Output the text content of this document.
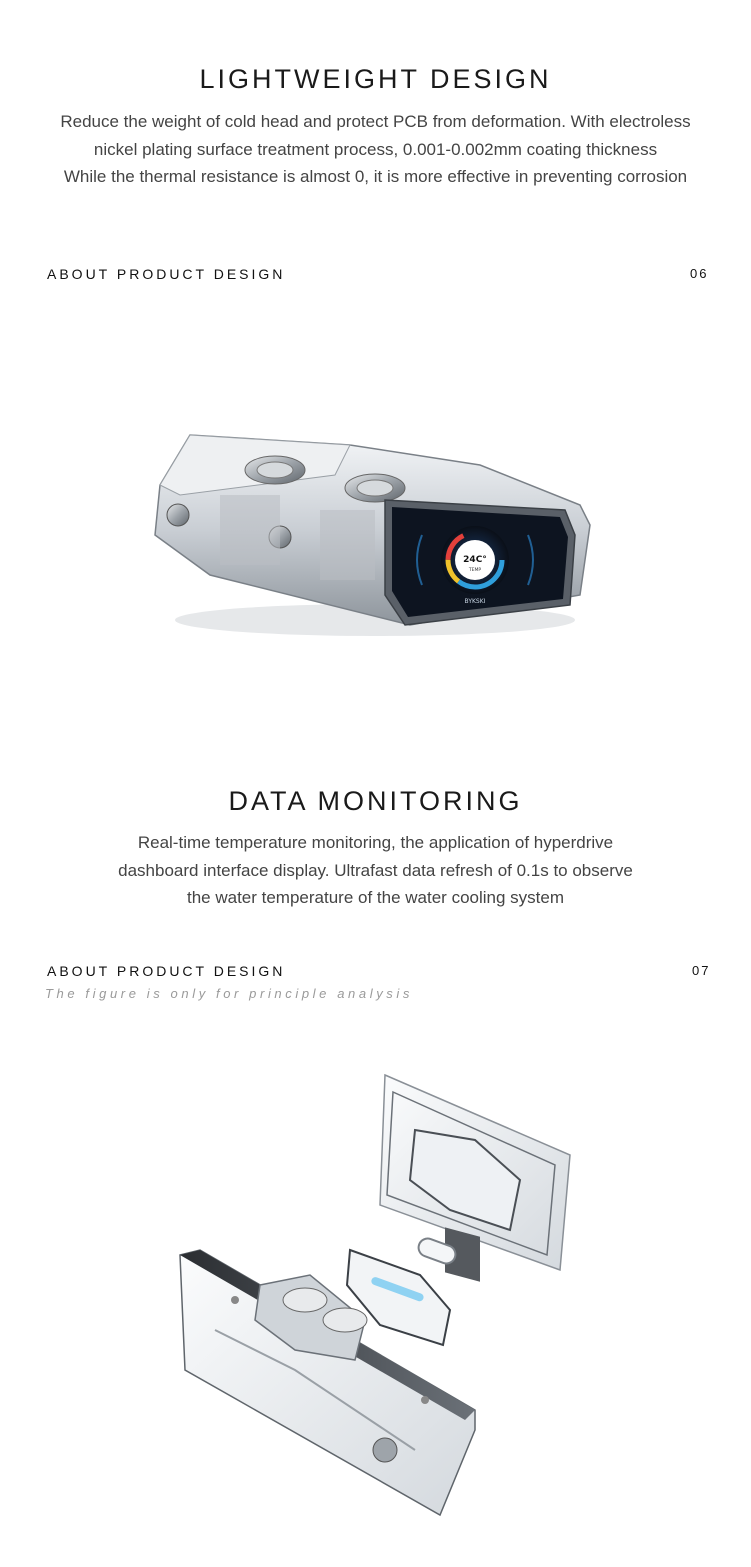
LIGHTWEIGHT DESIGN
Reduce the weight of cold head and protect PCB from deformation. With electroless
nickel plating surface treatment process, 0.001-0.002mm coating thickness
While the thermal resistance is almost 0, it is more effective in preventing corrosion
ABOUT PRODUCT DESIGN	06
24C°
TEMP
BYKSKI
DATA MONITORING
Real-time temperature monitoring, the application of hyperdrive
dashboard interface display. Ultrafast data refresh of 0.1s to observe
the water temperature of the water cooling system
ABOUT PRODUCT DESIGN	07
The figure is only for principle analysis
